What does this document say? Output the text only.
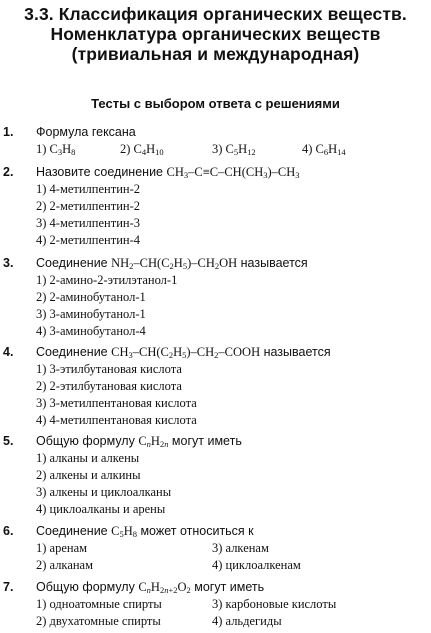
3.3. Классификация органических веществ.
Номенклатура органических веществ
(тривиальная и международная)
Тесты с выбором ответа с решениями
1. Формула гексана
1) $C_3H_8$	2) $C_4H_{10}$	3) $C_5H_{12}$	4) $C_6H_{14}$
2. Назовите соединение $CH_3-C\equiv C-CH(CH_3)-CH_3$
1) 4-метилпентин-2
2) 2-метилпентин-2
3) 4-метилпентин-3
4) 2-метилпентин-4
3. Соединение $NH_2-CH(C_2H_5)-CH_2OH$ называется
1) 2-амино-2-этилэтанол-1
2) 2-аминобутанол-1
3) 3-аминобутанол-1
4) 3-аминобутанол-4
4. Соединение $CH_3-CH(C_2H_5)-CH_2$–COOH называется
1) 3-этилбутановая кислота
2) 2-этилбутановая кислота
3) 3-метилпентановая кислота
4) 4-метилпентановая кислота
5. Общую формулу $C_nH_{2n}$ могут иметь
1) алканы и алкены
2) алкены и алкины
3) алкены и циклоалканы
4) циклоалканы и арены
6. Соединение $C_5H_8$ может относиться к
1) аренам	3) алкенам
2) алканам	4) циклоалкенам
7. Общую формулу $C_nH_{2n+2}O_2$ могут иметь
1) одноатомные спирты	3) карбоновые кислоты
2) двухатомные спирты	4) альдегиды
